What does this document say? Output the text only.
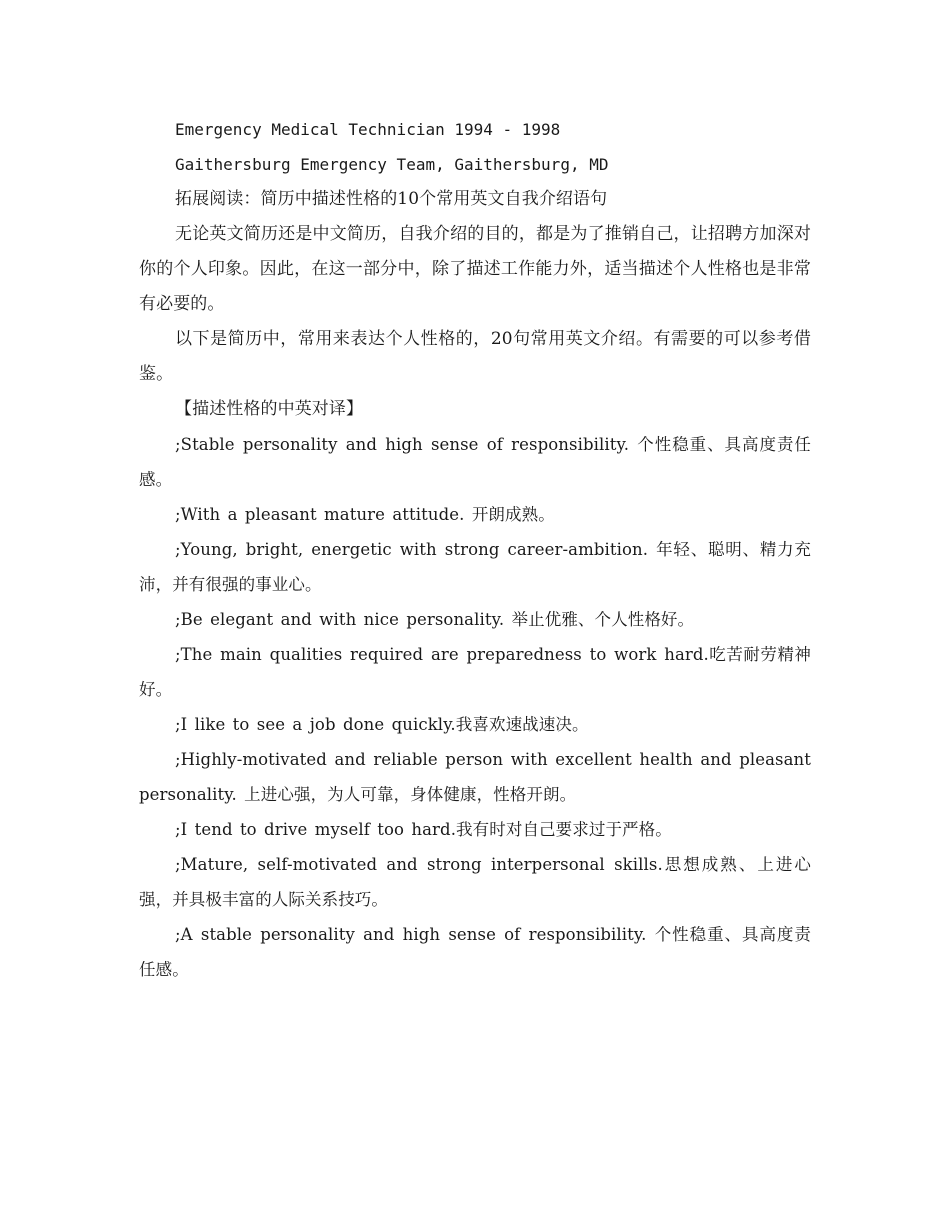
Emergency Medical Technician 1994 - 1998

Gaithersburg Emergency Team, Gaithersburg, MD

拓展阅读：简历中描述性格的10个常用英文自我介绍语句

无论英文简历还是中文简历，自我介绍的目的，都是为了推销自己，让招聘方加深对你的个人印象。因此，在这一部分中，除了描述工作能力外，适当描述个人性格也是非常有必要的。

以下是简历中，常用来表达个人性格的，20句常用英文介绍。有需要的可以参考借鉴。

【描述性格的中英对译】

;Stable personality and high sense of responsibility. 个性稳重、具高度责任感。

;With a pleasant mature attitude. 开朗成熟。

;Young, bright, energetic with strong career-ambition. 年轻、聪明、精力充沛，并有很强的事业心。

;Be elegant and with nice personality. 举止优雅、个人性格好。

;The main qualities required are preparedness to work hard.吃苦耐劳精神好。

;I like to see a job done quickly.我喜欢速战速决。

;Highly-motivated and reliable person with excellent health and pleasant personality. 上进心强，为人可靠，身体健康，性格开朗。

;I tend to drive myself too hard.我有时对自己要求过于严格。

;Mature, self-motivated and strong interpersonal skills.思想成熟、上进心强，并具极丰富的人际关系技巧。

;A stable personality and high sense of responsibility. 个性稳重、具高度责任感。
